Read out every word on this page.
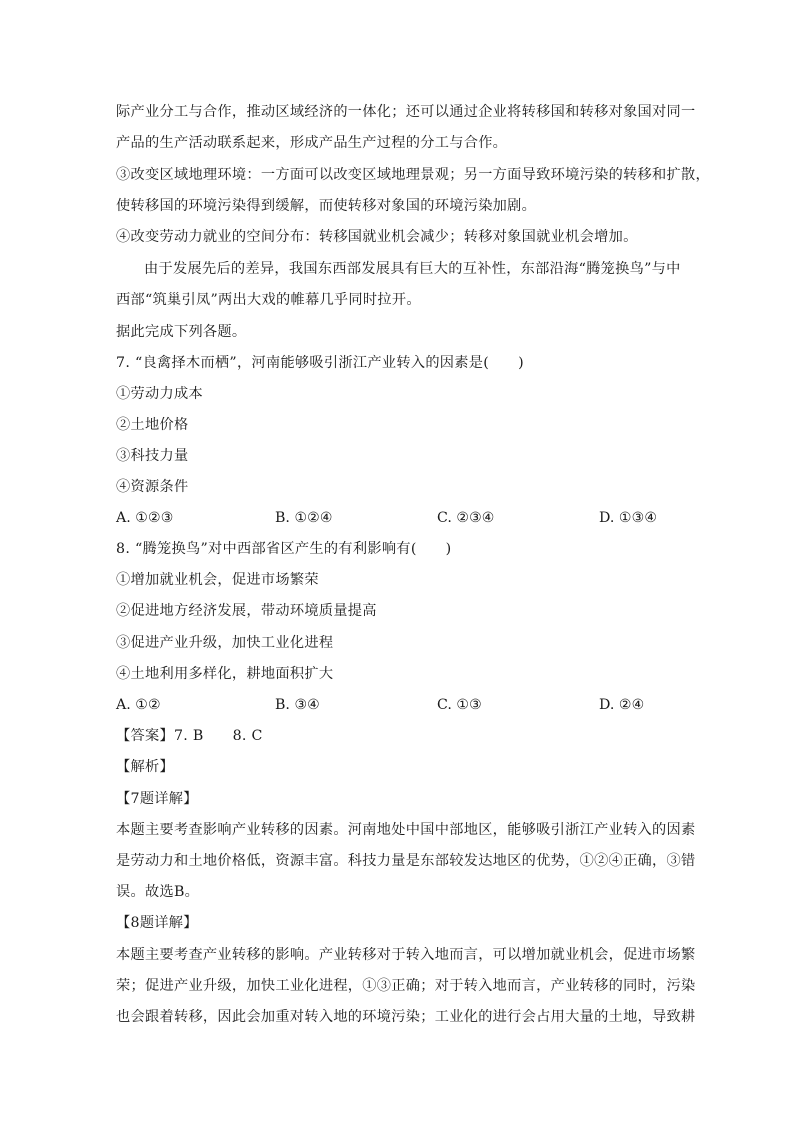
际产业分工与合作，推动区域经济的一体化；还可以通过企业将转移国和转移对象国对同一
产品的生产活动联系起来，形成产品生产过程的分工与合作。
③改变区域地理环境：一方面可以改变区域地理景观；另一方面导致环境污染的转移和扩散，
使转移国的环境污染得到缓解，而使转移对象国的环境污染加剧。
④改变劳动力就业的空间分布：转移国就业机会减少；转移对象国就业机会增加。
由于发展先后的差异，我国东西部发展具有巨大的互补性，东部沿海“腾笼换鸟”与中
西部“筑巢引凤”两出大戏的帷幕几乎同时拉开。
据此完成下列各题。
7. “良禽择木而栖”，河南能够吸引浙江产业转入的因素是(　　)
①劳动力成本
②土地价格
③科技力量
④资源条件
A. ①②③	B. ①②④	C. ②③④	D. ①③④
8. “腾笼换鸟”对中西部省区产生的有利影响有(　　)
①增加就业机会，促进市场繁荣
②促进地方经济发展，带动环境质量提高
③促进产业升级，加快工业化进程
④土地利用多样化，耕地面积扩大
A. ①②	B. ③④	C. ①③	D. ②④
【答案】7. B　　8. C
【解析】
【7题详解】
本题主要考查影响产业转移的因素。河南地处中国中部地区，能够吸引浙江产业转入的因素
是劳动力和土地价格低，资源丰富。科技力量是东部较发达地区的优势，①②④正确，③错
误。故选B。
【8题详解】
本题主要考查产业转移的影响。产业转移对于转入地而言，可以增加就业机会，促进市场繁
荣；促进产业升级，加快工业化进程，①③正确；对于转入地而言，产业转移的同时，污染
也会跟着转移，因此会加重对转入地的环境污染；工业化的进行会占用大量的土地，导致耕
